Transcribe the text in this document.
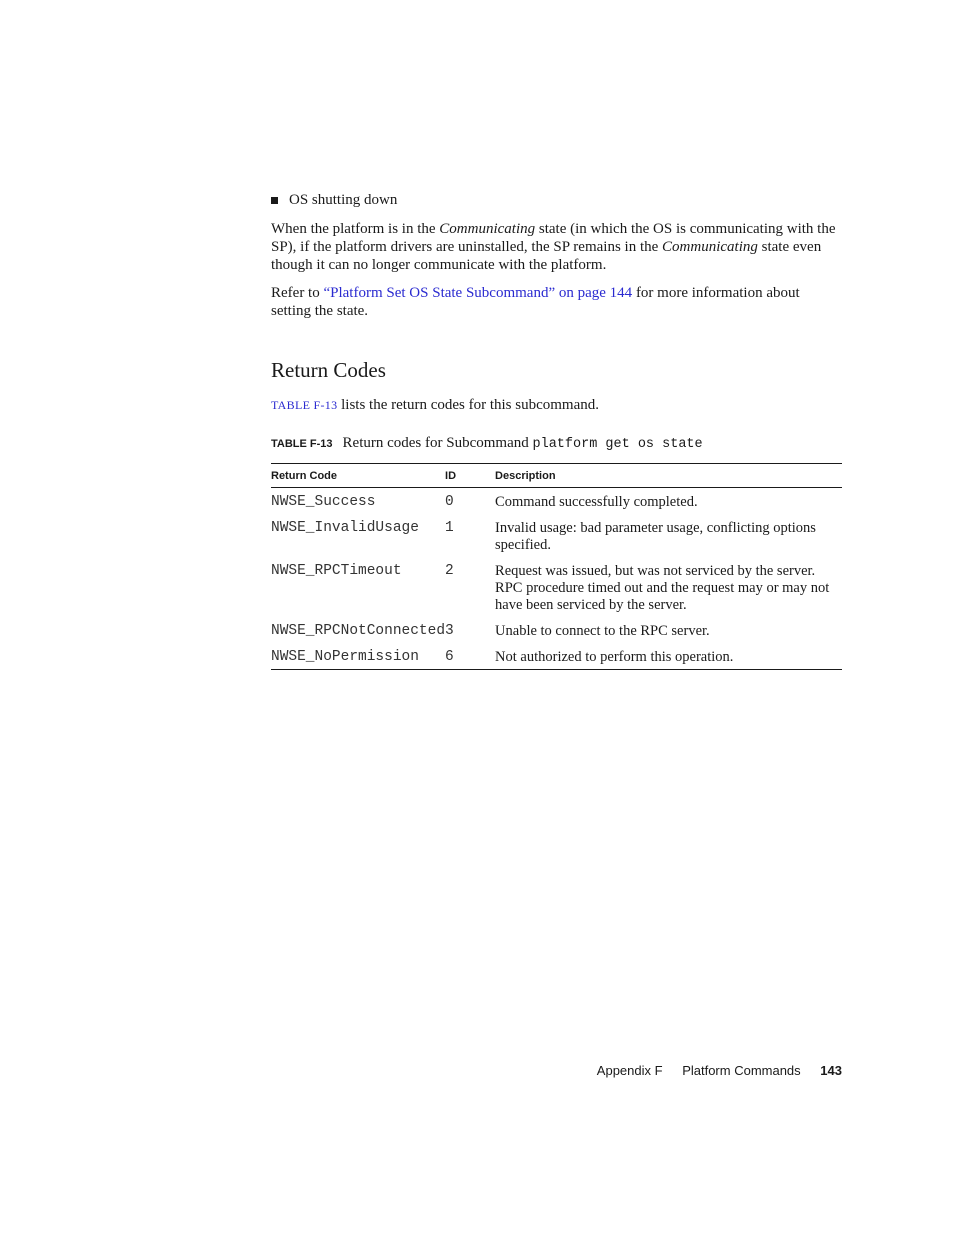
OS shutting down

When the platform is in the Communicating state (in which the OS is communicating with the SP), if the platform drivers are uninstalled, the SP remains in the Communicating state even though it can no longer communicate with the platform.

Refer to “Platform Set OS State Subcommand” on page 144 for more information about setting the state.

Return Codes

TABLE F-13 lists the return codes for this subcommand.

TABLE F-13 Return codes for Subcommand platform get os state
Return Code	ID	Description
NWSE_Success	0	Command successfully completed.
NWSE_InvalidUsage	1	Invalid usage: bad parameter usage, conflicting options specified.
NWSE_RPCTimeout	2	Request was issued, but was not serviced by the server. RPC procedure timed out and the request may or may not have been serviced by the server.
NWSE_RPCNotConnected	3	Unable to connect to the RPC server.
NWSE_NoPermission	6	Not authorized to perform this operation.
Appendix F Platform Commands 143
